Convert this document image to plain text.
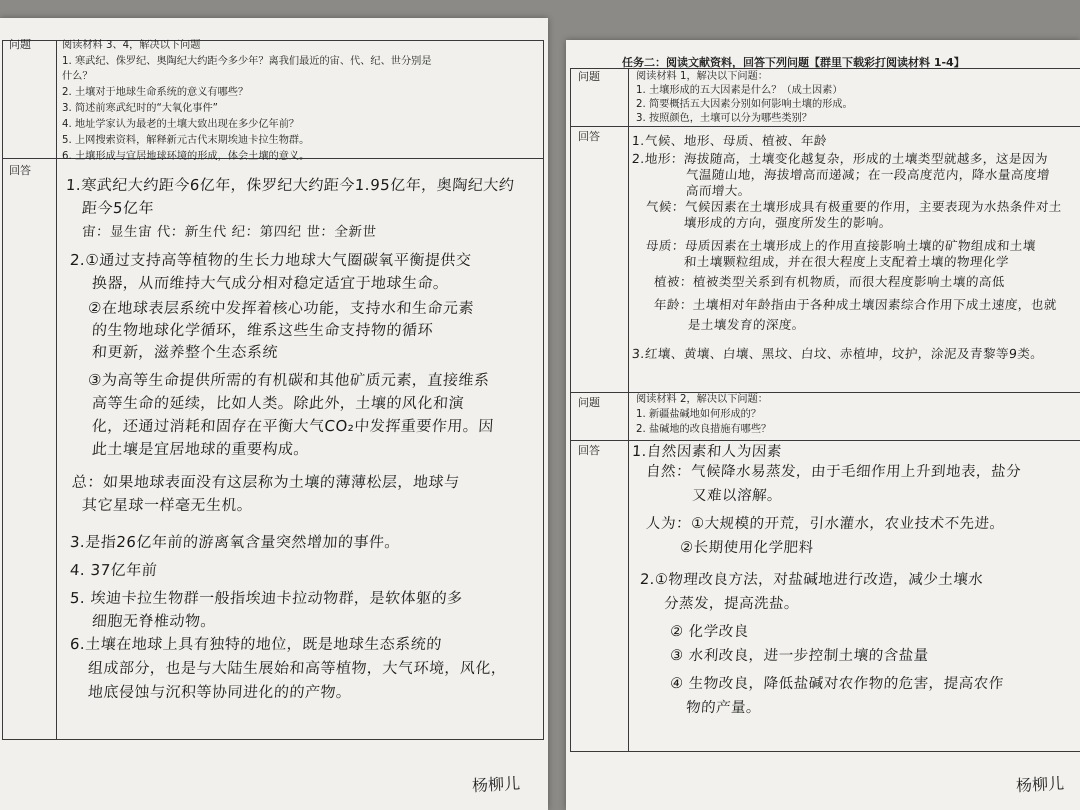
问题
回答
阅读材料 3、4，解决以下问题
1. 寒武纪、侏罗纪、奥陶纪大约距今多少年？离我们最近的宙、代、纪、世分别是
什么？
2. 土壤对于地球生命系统的意义有哪些？
3. 简述前寒武纪时的“大氧化事件”
4. 地址学家认为最老的土壤大致出现在多少亿年前？
5. 上网搜索资料，解释新元古代末期埃迪卡拉生物群。
6. 土壤形成与宜居地球环境的形成，体会土壤的意义。
1.寒武纪大约距今6亿年，侏罗纪大约距今1.95亿年，奥陶纪大约
距今5亿年
宙：显生宙 代：新生代 纪：第四纪 世：全新世
2.①通过支持高等植物的生长力地球大气圈碳氧平衡提供交
换器，从而维持大气成分相对稳定适宜于地球生命。
②在地球表层系统中发挥着核心功能，支持水和生命元素
的生物地球化学循环，维系这些生命支持物的循环
和更新，滋养整个生态系统
③为高等生命提供所需的有机碳和其他矿质元素，直接维系
高等生命的延续，比如人类。除此外，土壤的风化和演
化，还通过消耗和固存在平衡大气CO₂中发挥重要作用。因
此土壤是宜居地球的重要构成。
总：如果地球表面没有这层称为土壤的薄薄松层，地球与
其它星球一样毫无生机。
3.是指26亿年前的游离氧含量突然增加的事件。
4. 37亿年前
5. 埃迪卡拉生物群一般指埃迪卡拉动物群，是软体躯的多
细胞无脊椎动物。
6.土壤在地球上具有独特的地位，既是地球生态系统的
组成部分，也是与大陆生展始和高等植物，大气环境，风化，
地底侵蚀与沉积等协同进化的的产物。
杨柳儿
任务二：阅读文献资料，回答下列问题【群里下载彩打阅读材料 1-4】
问题
回答
问题
回答
阅读材料 1，解决以下问题：
1. 土壤形成的五大因素是什么？（成土因素）
2. 简要概括五大因素分别如何影响土壤的形成。
3. 按照颜色，土壤可以分为哪些类别？
1.气候、地形、母质、植被、年龄
2.地形：海拔随高，土壤变化越复杂，形成的土壤类型就越多，这是因为
气温随山地，海拔增高而递减；在一段高度范内，降水量高度增
高而增大。
气候：气候因素在土壤形成具有极重要的作用，主要表现为水热条件对土
壤形成的方向，强度所发生的影响。
母质：母质因素在土壤形成上的作用直接影响土壤的矿物组成和土壤
和土壤颗粒组成，并在很大程度上支配着土壤的物理化学
植被：植被类型关系到有机物质，而很大程度影响土壤的高低
年龄：土壤相对年龄指由于各种成土壤因素综合作用下成土速度，也就
是土壤发育的深度。
3.红壤、黄壤、白壤、黑坟、白坟、赤植坤，坟护，涂泥及青黎等9类。
阅读材料 2，解决以下问题：
1. 新疆盐碱地如何形成的？
2. 盐碱地的改良措施有哪些？
1.自然因素和人为因素
自然：气候降水易蒸发，由于毛细作用上升到地表，盐分
又难以溶解。
人为：①大规模的开荒，引水灌水，农业技术不先进。
②长期使用化学肥料
2.①物理改良方法，对盐碱地进行改造，减少土壤水
分蒸发，提高洗盐。
② 化学改良
③ 水利改良，进一步控制土壤的含盐量
④ 生物改良，降低盐碱对农作物的危害，提高农作
物的产量。
杨柳儿
